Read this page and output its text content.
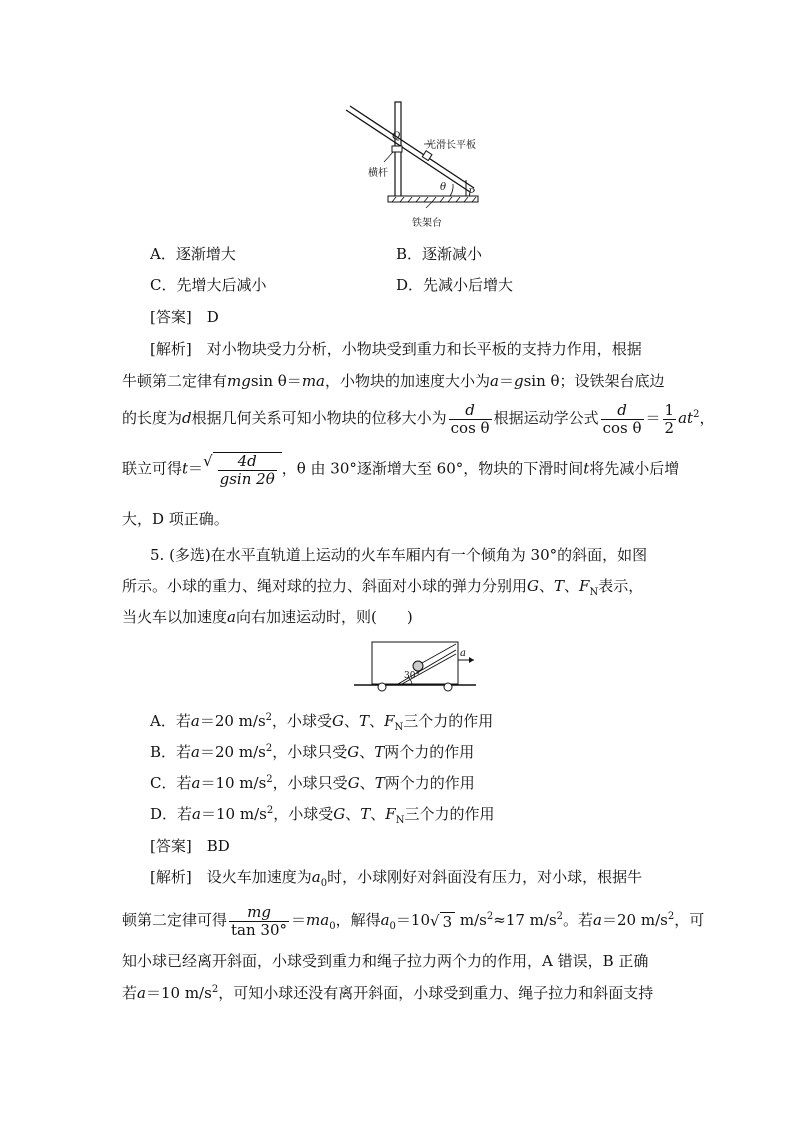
Q
光滑长平板
横杆
θ
P
铁架台
A．逐渐增大	B．逐渐减小
C．先增大后减小	D．先减小后增大
[答案]　 D
[解析]　 对小物块受力分析，小物块受到重力和长平板的支持力作用，根据
牛顿第二定律有mgsin θ＝ma，小物块的加速度大小为a＝gsin θ；设铁架台底边
的长度为d根据几何关系可知小物块的位移大小为 $\frac{d}{\text{cos θ}}$ 根据运动学公式 $\frac{d}{\text{cos θ}} = \frac{1}{2} at^2$，
联立可得t＝ √ $\frac{4d}{gsin 2\theta}$ ，θ 由 30°逐渐增大至 60°，物块的下滑时间t将先减小后增
大，D 项正确。
5. (多选)在水平直轨道上运动的火车车厢内有一个倾角为 30°的斜面，如图
所示。小球的重力、绳对球的拉力、斜面对小球的弹力分别用G、T、$F_N$表示，
当火车以加速度a向右加速运动时，则(　　)
a
30°
A．若a＝20 $m/s^2$，小球受G、T、$F_N$三个力的作用
B．若a＝20 $m/s^2$，小球只受G、T两个力的作用
C．若a＝10 $m/s^2$，小球只受G、T两个力的作用
D．若a＝10 $m/s^2$，小球受G、T、$F_N$三个力的作用
[答案]　 BD
[解析]　 设火车加速度为$a_0$时，小球刚好对斜面没有压力，对小球，根据牛
顿第二定律可得 $\frac{mg}{\tan 30^\circ} =ma_0$，解得$a_0=10$ √ 3 $m/s^2\approx 17$ $m/s^2$。若a＝20 $m/s^2$，可
知小球已经离开斜面，小球受到重力和绳子拉力两个力的作用，A 错误，B 正确
若a＝10 $m/s^2$，可知小球还没有离开斜面，小球受到重力、绳子拉力和斜面支持
